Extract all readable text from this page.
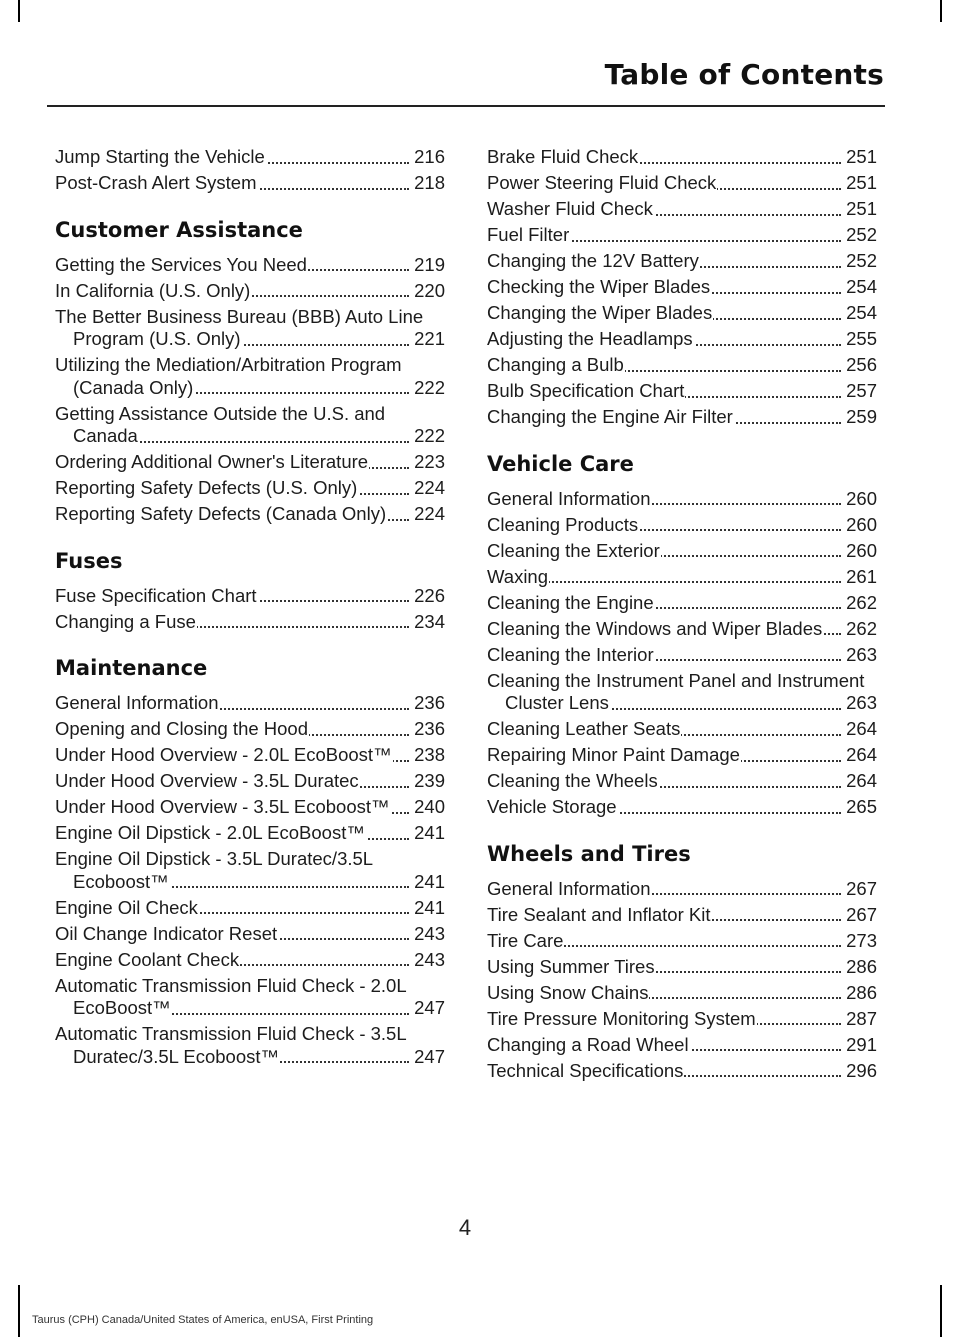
Table of Contents
Jump Starting the Vehicle	216
Post-Crash Alert System	218
Customer Assistance
Getting the Services You Need	219
In California (U.S. Only)	220
The Better Business Bureau (BBB) Auto Line Program (U.S. Only)	221
Utilizing the Mediation/Arbitration Program (Canada Only)	222
Getting Assistance Outside the U.S. and Canada	222
Ordering Additional Owner's Literature 223
Reporting Safety Defects (U.S. Only)	224
Reporting Safety Defects (Canada Only) 224
Fuses
Fuse Specification Chart	226
Changing a Fuse	234
Maintenance
General Information	236
Opening and Closing the Hood	236
Under Hood Overview - 2.0L EcoBoost™ 238
Under Hood Overview - 3.5L Duratec	239
Under Hood Overview - 3.5L Ecoboost™ 240
Engine Oil Dipstick - 2.0L EcoBoost™	241
Engine Oil Dipstick - 3.5L Duratec/3.5L Ecoboost™	241
Engine Oil Check	241
Oil Change Indicator Reset	243
Engine Coolant Check	243
Automatic Transmission Fluid Check - 2.0L EcoBoost™	247
Automatic Transmission Fluid Check - 3.5L Duratec/3.5L Ecoboost™	247
Brake Fluid Check	251
Power Steering Fluid Check	251
Washer Fluid Check	251
Fuel Filter	252
Changing the 12V Battery	252
Checking the Wiper Blades	254
Changing the Wiper Blades	254
Adjusting the Headlamps	255
Changing a Bulb	256
Bulb Specification Chart	257
Changing the Engine Air Filter	259
Vehicle Care
General Information	260
Cleaning Products	260
Cleaning the Exterior	260
Waxing	261
Cleaning the Engine	262
Cleaning the Windows and Wiper Blades 262
Cleaning the Interior	263
Cleaning the Instrument Panel and Instrument Cluster Lens	263
Cleaning Leather Seats	264
Repairing Minor Paint Damage	264
Cleaning the Wheels	264
Vehicle Storage	265
Wheels and Tires
General Information	267
Tire Sealant and Inflator Kit	267
Tire Care	273
Using Summer Tires	286
Using Snow Chains	286
Tire Pressure Monitoring System	287
Changing a Road Wheel	291
Technical Specifications	296
4
Taurus (CPH) Canada/United States of America, enUSA, First Printing
